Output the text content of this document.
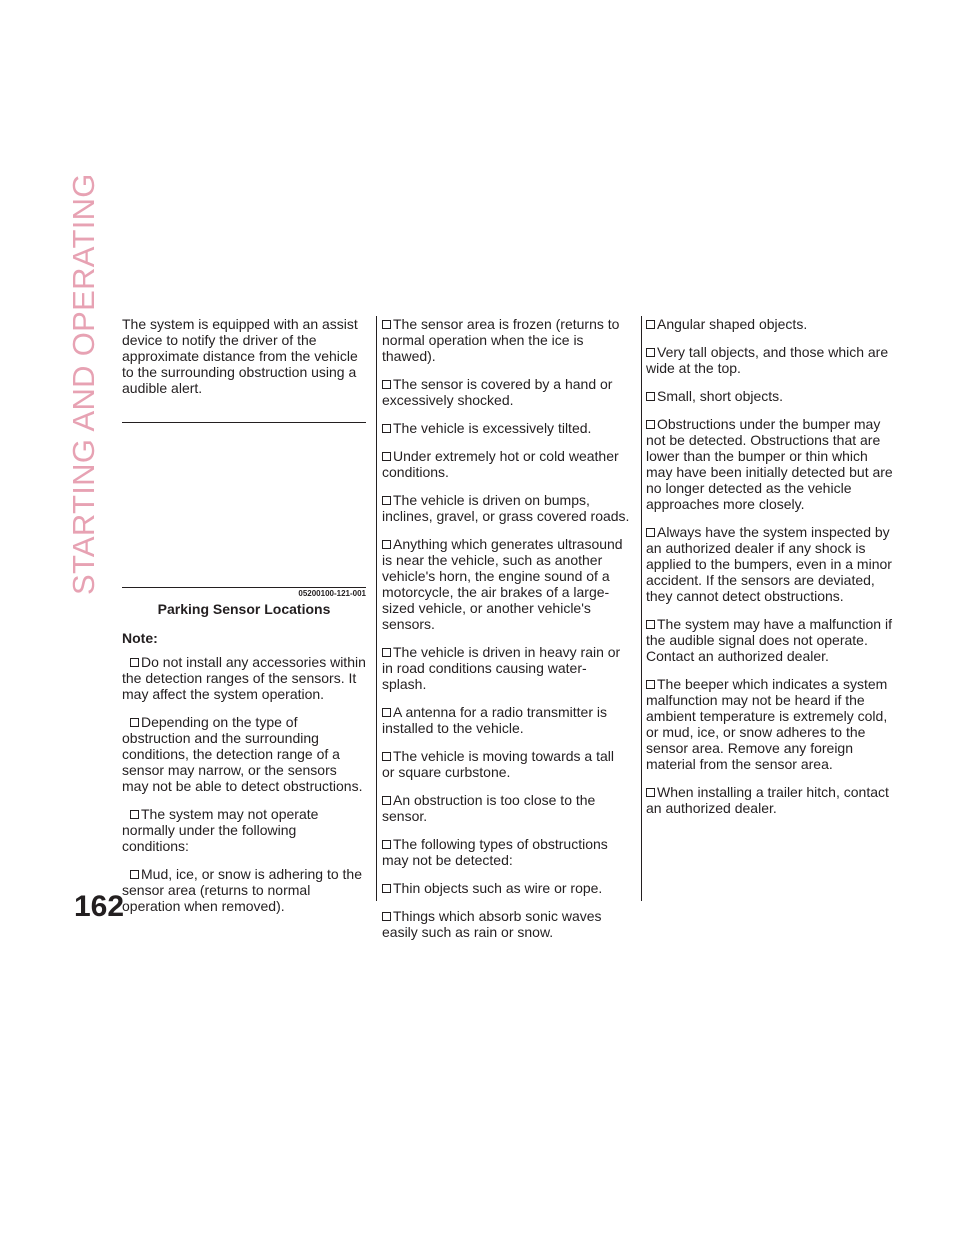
STARTING AND OPERATING
162

The system is equipped with an assist device to notify the driver of the approximate distance from the vehicle to the surrounding obstruction using a audible alert.

05200100-121-001
Parking Sensor Locations
Note:

Do not install any accessories within the detection ranges of the sensors. It may affect the system operation.

Depending on the type of obstruction and the surrounding conditions, the detection range of a sensor may narrow, or the sensors may not be able to detect obstructions.

The system may not operate normally under the following conditions:

Mud, ice, or snow is adhering to the sensor area (returns to normal operation when removed).

The sensor area is frozen (returns to normal operation when the ice is thawed).

The sensor is covered by a hand or excessively shocked.

The vehicle is excessively tilted.

Under extremely hot or cold weather conditions.

The vehicle is driven on bumps, inclines, gravel, or grass covered roads.

Anything which generates ultrasound is near the vehicle, such as another vehicle's horn, the engine sound of a motorcycle, the air brakes of a large-sized vehicle, or another vehicle's sensors.

The vehicle is driven in heavy rain or in road conditions causing water-splash.

A antenna for a radio transmitter is installed to the vehicle.

The vehicle is moving towards a tall or square curbstone.

An obstruction is too close to the sensor.

The following types of obstructions may not be detected:

Thin objects such as wire or rope.

Things which absorb sonic waves easily such as rain or snow.

Angular shaped objects.

Very tall objects, and those which are wide at the top.

Small, short objects.

Obstructions under the bumper may not be detected. Obstructions that are lower than the bumper or thin which may have been initially detected but are no longer detected as the vehicle approaches more closely.

Always have the system inspected by an authorized dealer if any shock is applied to the bumpers, even in a minor accident. If the sensors are deviated, they cannot detect obstructions.

The system may have a malfunction if the audible signal does not operate. Contact an authorized dealer.

The beeper which indicates a system malfunction may not be heard if the ambient temperature is extremely cold, or mud, ice, or snow adheres to the sensor area. Remove any foreign material from the sensor area.

When installing a trailer hitch, contact an authorized dealer.
